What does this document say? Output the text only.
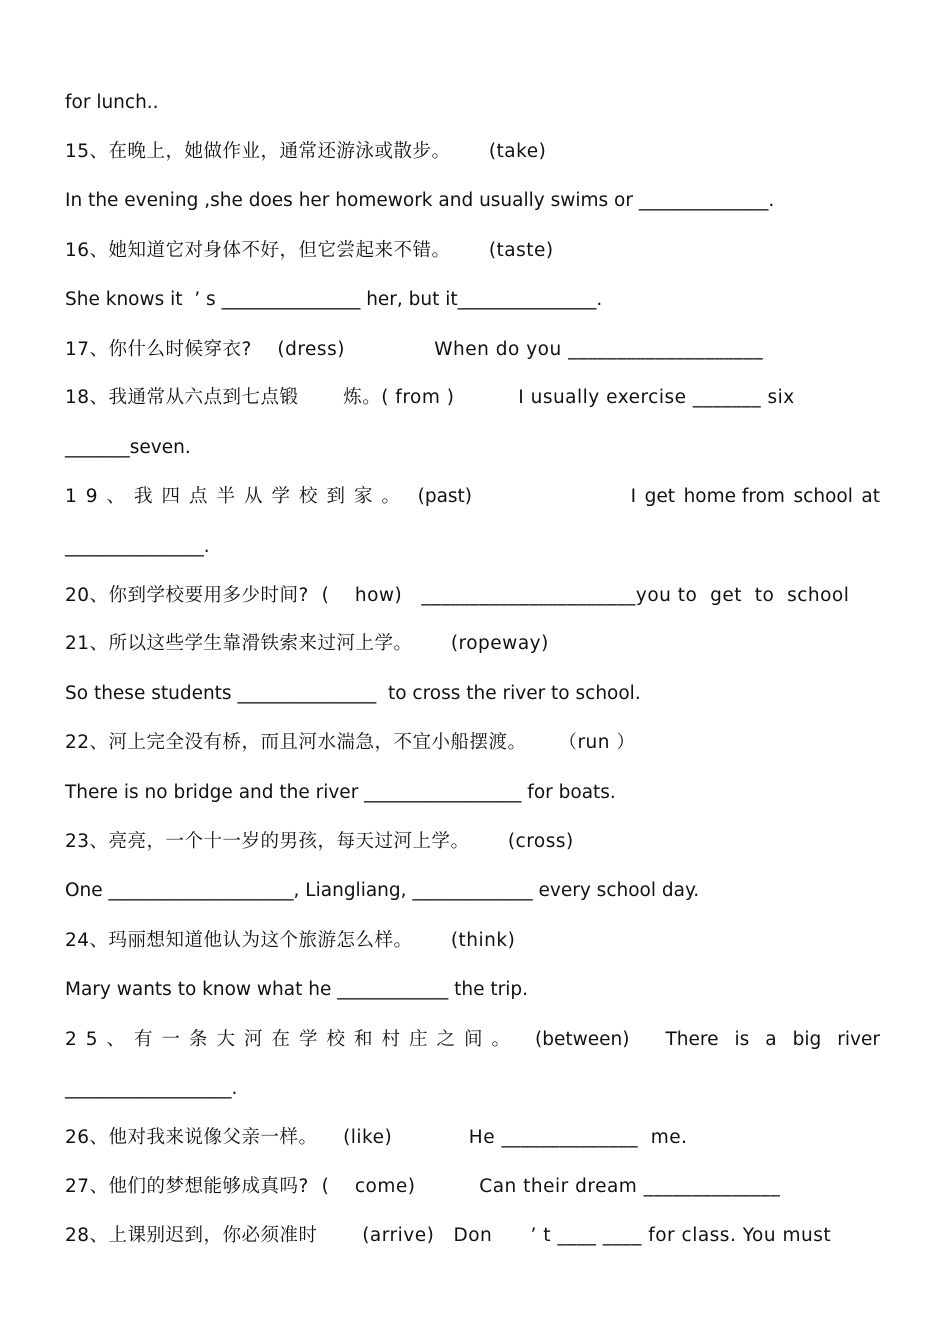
for lunch..
15、在晚上，她做作业，通常还游泳或散步。      (take)
In the evening ,she does her homework and usually swims or ______________.
16、她知道它对身体不好，但它尝起来不错。      (taste)
She knows it  ’ s _______________ her, but it_______________.
17、你什么时候穿衣?    (dress)              When do you ____________________
18、我通常从六点到七点锻       炼。( from )          I usually exercise _______ six
_______seven.
19、我四点半从学校到家。 (past)	I get home from school at
_______________.
20、你到学校要用多少时间?  (    how)   ______________________you to  get  to  school
21、所以这些学生靠滑铁索来过河上学。      (ropeway)
So these students _______________  to cross the river to school.
22、河上完全没有桥，而且河水湍急，不宜小船摆渡。     （run ）
There is no bridge and the river _________________ for boats.
23、亮亮，一个十一岁的男孩，每天过河上学。      (cross)
One ____________________, Liangliang, _____________ every school day.
24、玛丽想知道他认为这个旅游怎么样。      (think)
Mary wants to know what he ____________ the trip.
25、有一条大河在学校和村庄之间。 (between) There is a big river
__________________.
26、他对我来说像父亲一样。    (like)            He ______________  me.
27、他们的梦想能够成真吗?  (    come)          Can their dream ______________
28、上课别迟到，你必须准时       (arrive)   Don      ’ t ____ ____ for class. You must
